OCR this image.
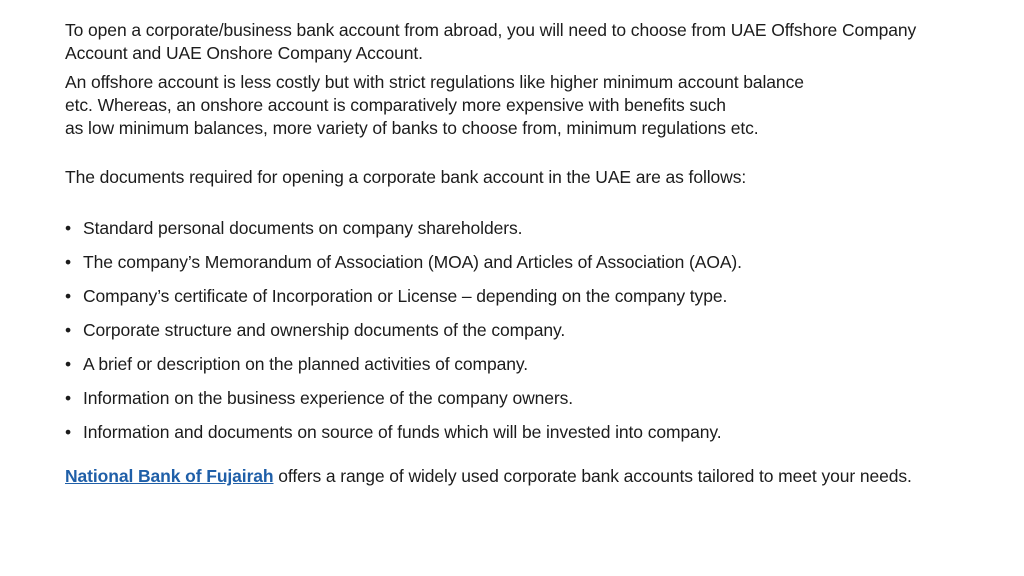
To open a corporate/business bank account from abroad, you will need to choose from UAE Offshore Company Account and UAE Onshore Company Account.

An offshore account is less costly but with strict regulations like higher minimum account balance
etc. Whereas, an onshore account is comparatively more expensive with benefits such
as low minimum balances, more variety of banks to choose from, minimum regulations etc.

The documents required for opening a corporate bank account in the UAE are as follows:

• Standard personal documents on company shareholders.
• The company’s Memorandum of Association (MOA) and Articles of Association (AOA).
• Company’s certificate of Incorporation or License – depending on the company type.
• Corporate structure and ownership documents of the company.
• A brief or description on the planned activities of company.
• Information on the business experience of the company owners.
• Information and documents on source of funds which will be invested into company.

National Bank of Fujairah offers a range of widely used corporate bank accounts tailored to meet your needs.
